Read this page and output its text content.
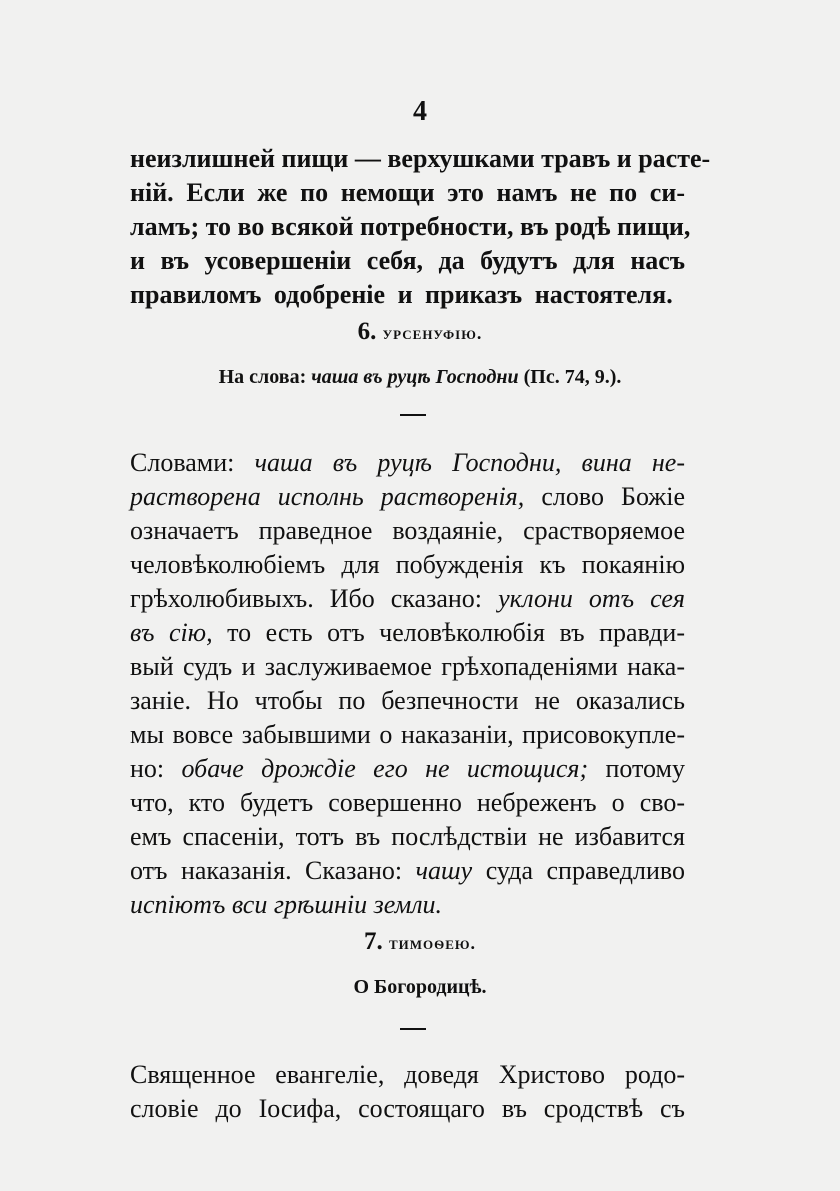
4
неизлишней пищи — верхушками травъ и расте-
ній. Если же по немощи это намъ не по си-
ламъ; то во всякой потребности, въ родѣ пищи,
и въ усовершеніи себя, да будутъ для насъ
правиломъ одобреніе и приказъ настоятеля.
6. урсенуфію.
На слова: чаша въ руцѣ Господни (Пс. 74, 9.).
Словами: чаша въ руцѣ Господни, вина не-
растворена исполнь растворенія, слово Божіе
означаетъ праведное воздаяніе, срастворяемое
человѣколюбіемъ для побужденія къ покаянію
грѣхолюбивыхъ. Ибо сказано: уклони отъ сея
въ сію, то есть отъ человѣколюбія въ правди-
вый судъ и заслуживаемое грѣхопаденіями нака-
заніе. Но чтобы по безпечности не оказались
мы вовсе забывшими о наказаніи, присовокупле-
но: обаче дрождіе его не истощися; потому
что, кто будетъ совершенно небреженъ о сво-
емъ спасеніи, тотъ въ послѣдствіи не избавится
отъ наказанія. Сказано: чашу суда справедливо
испіютъ вси грѣшніи земли.
7. тимоѳею.
О Богородицѣ.
Священное евангеліе, доведя Христово родо-
словіе до Іосифа, состоящаго въ сродствѣ съ
